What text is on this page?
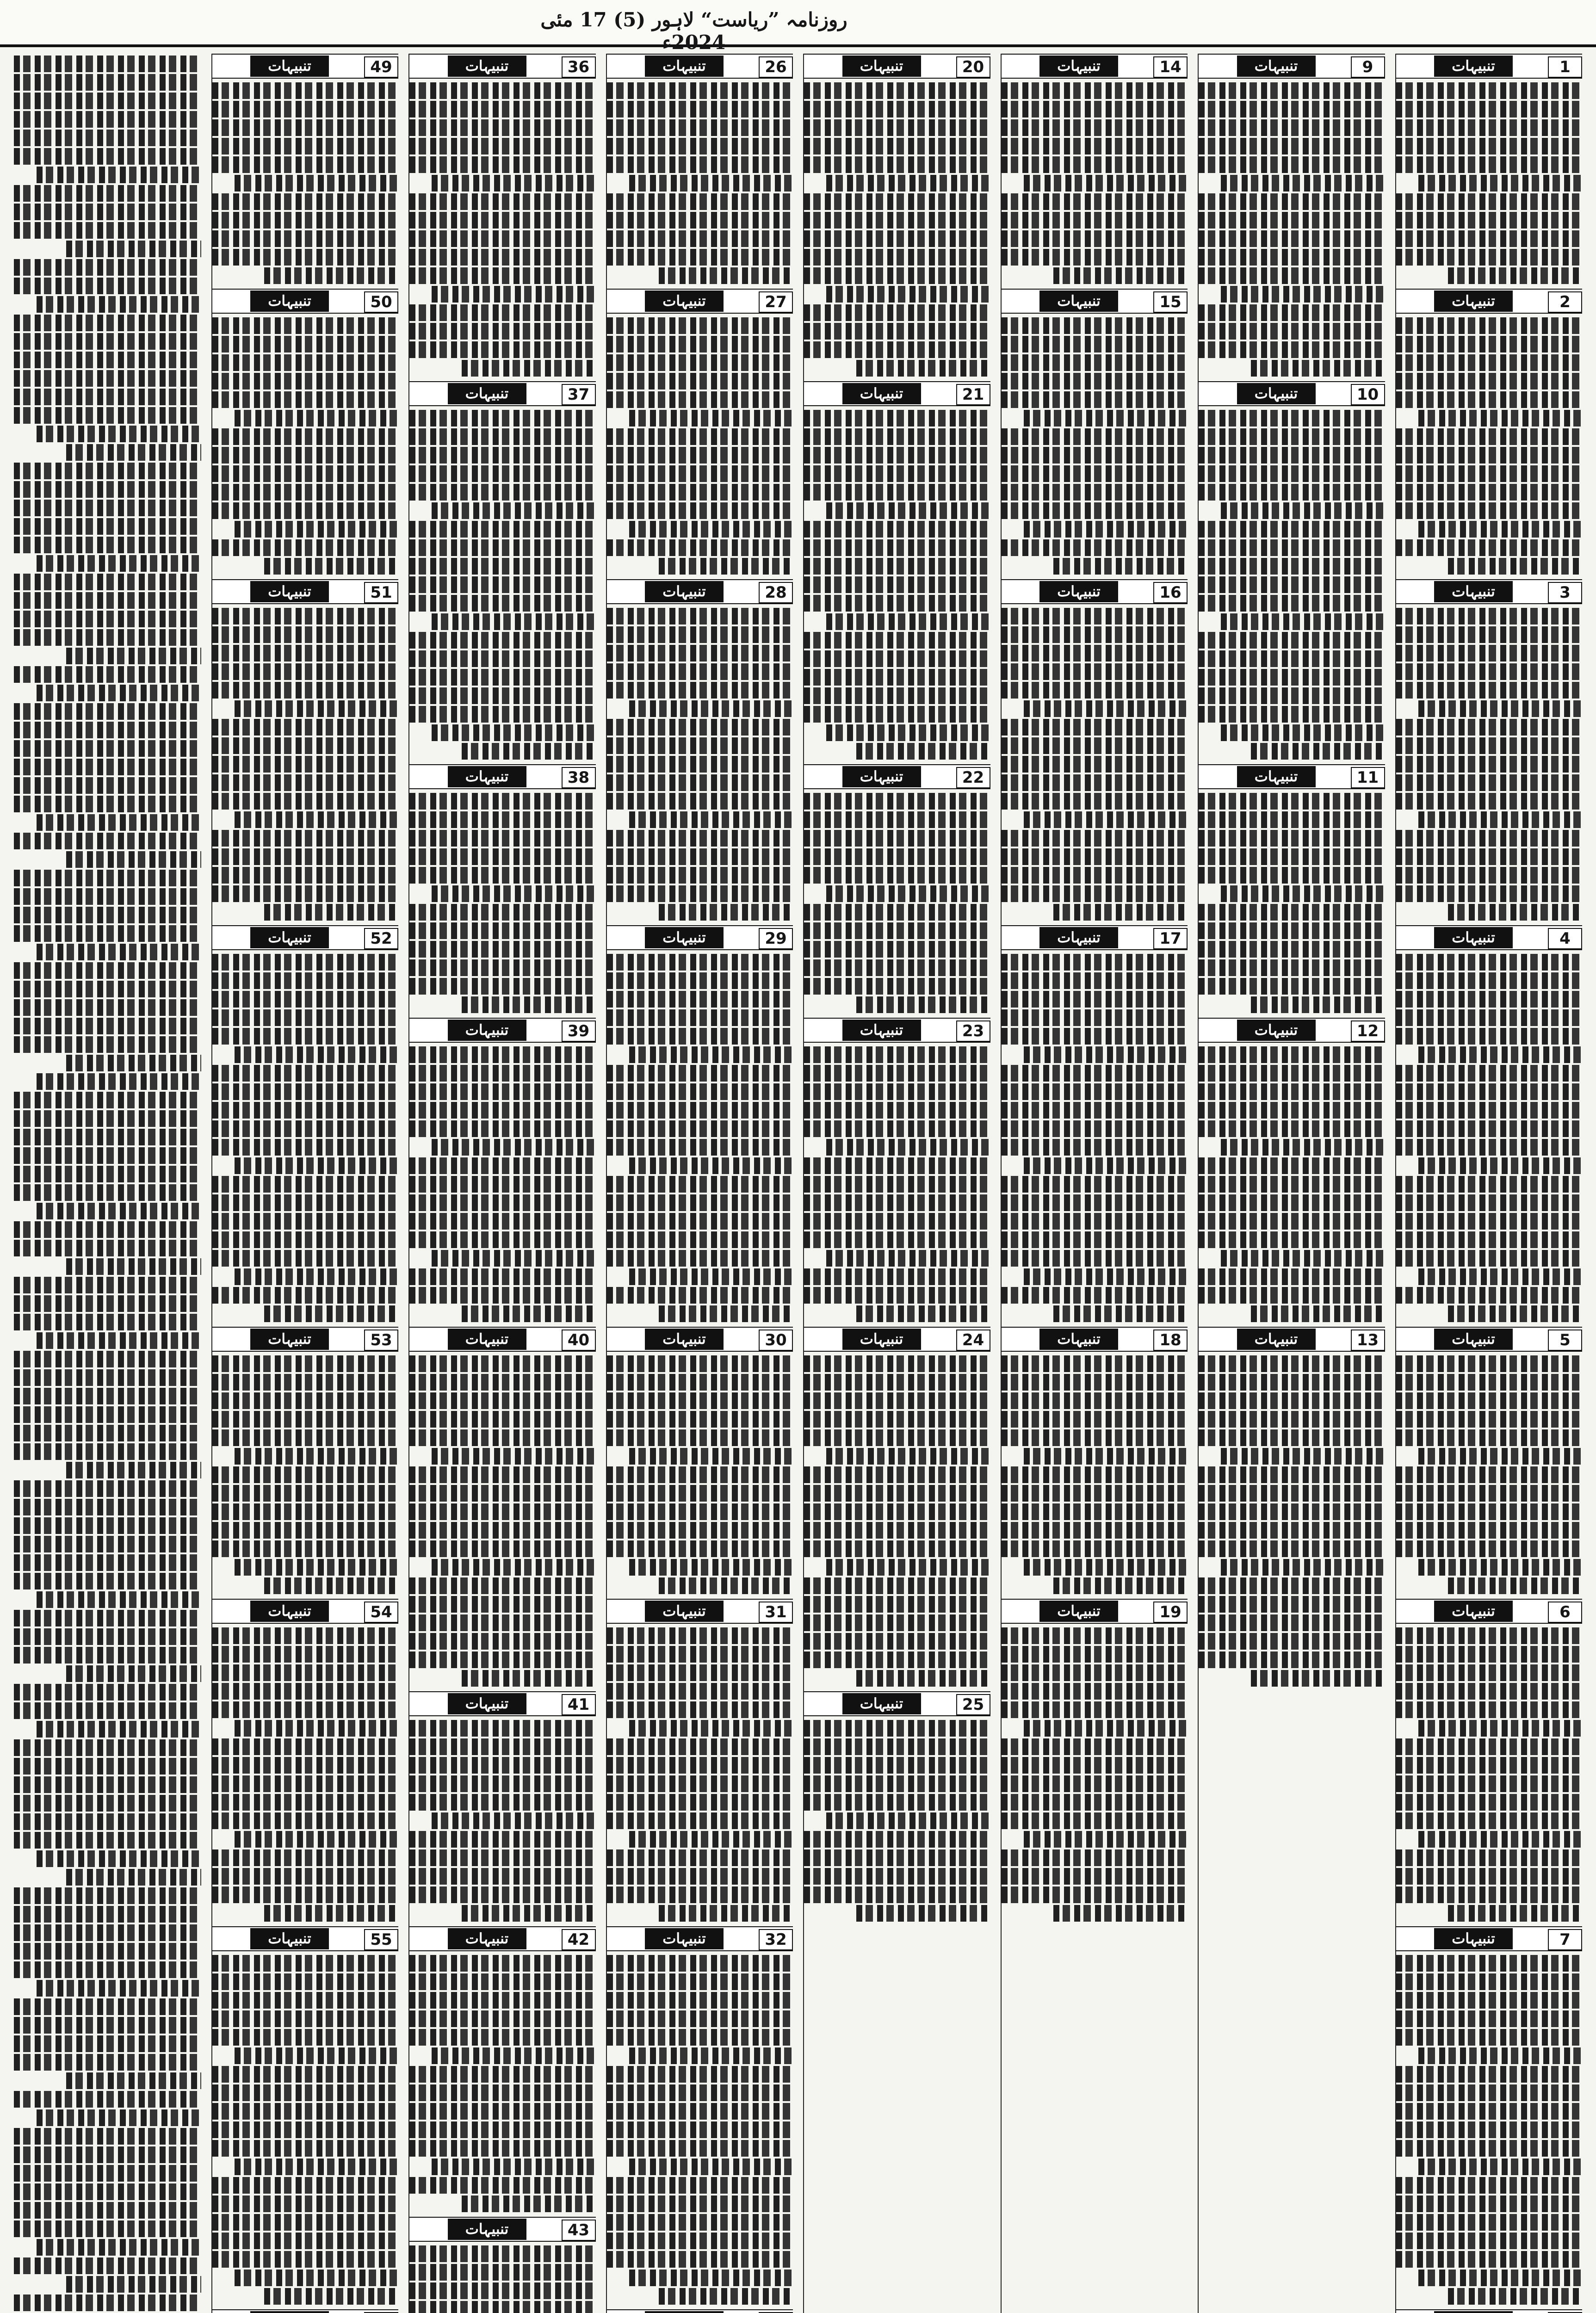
روزنامہ ”ریاست“ لاہور (5) 17 مئی 2024ء
1
تنبیہات
2
تنبیہات
3
تنبیہات
4
تنبیہات
5
تنبیہات
6
تنبیہات
7
تنبیہات
9
تنبیہات
10
تنبیہات
11
تنبیہات
12
تنبیہات
13
تنبیہات
14
تنبیہات
15
تنبیہات
16
تنبیہات
17
تنبیہات
18
تنبیہات
19
تنبیہات
20
تنبیہات
21
تنبیہات
22
تنبیہات
23
تنبیہات
24
تنبیہات
25
تنبیہات
26
تنبیہات
27
تنبیہات
28
تنبیہات
29
تنبیہات
30
تنبیہات
31
تنبیہات
32
تنبیہات
36
تنبیہات
37
تنبیہات
38
تنبیہات
39
تنبیہات
40
تنبیہات
41
تنبیہات
42
تنبیہات
43
تنبیہات
49
تنبیہات
50
تنبیہات
51
تنبیہات
52
تنبیہات
53
تنبیہات
54
تنبیہات
55
تنبیہات
